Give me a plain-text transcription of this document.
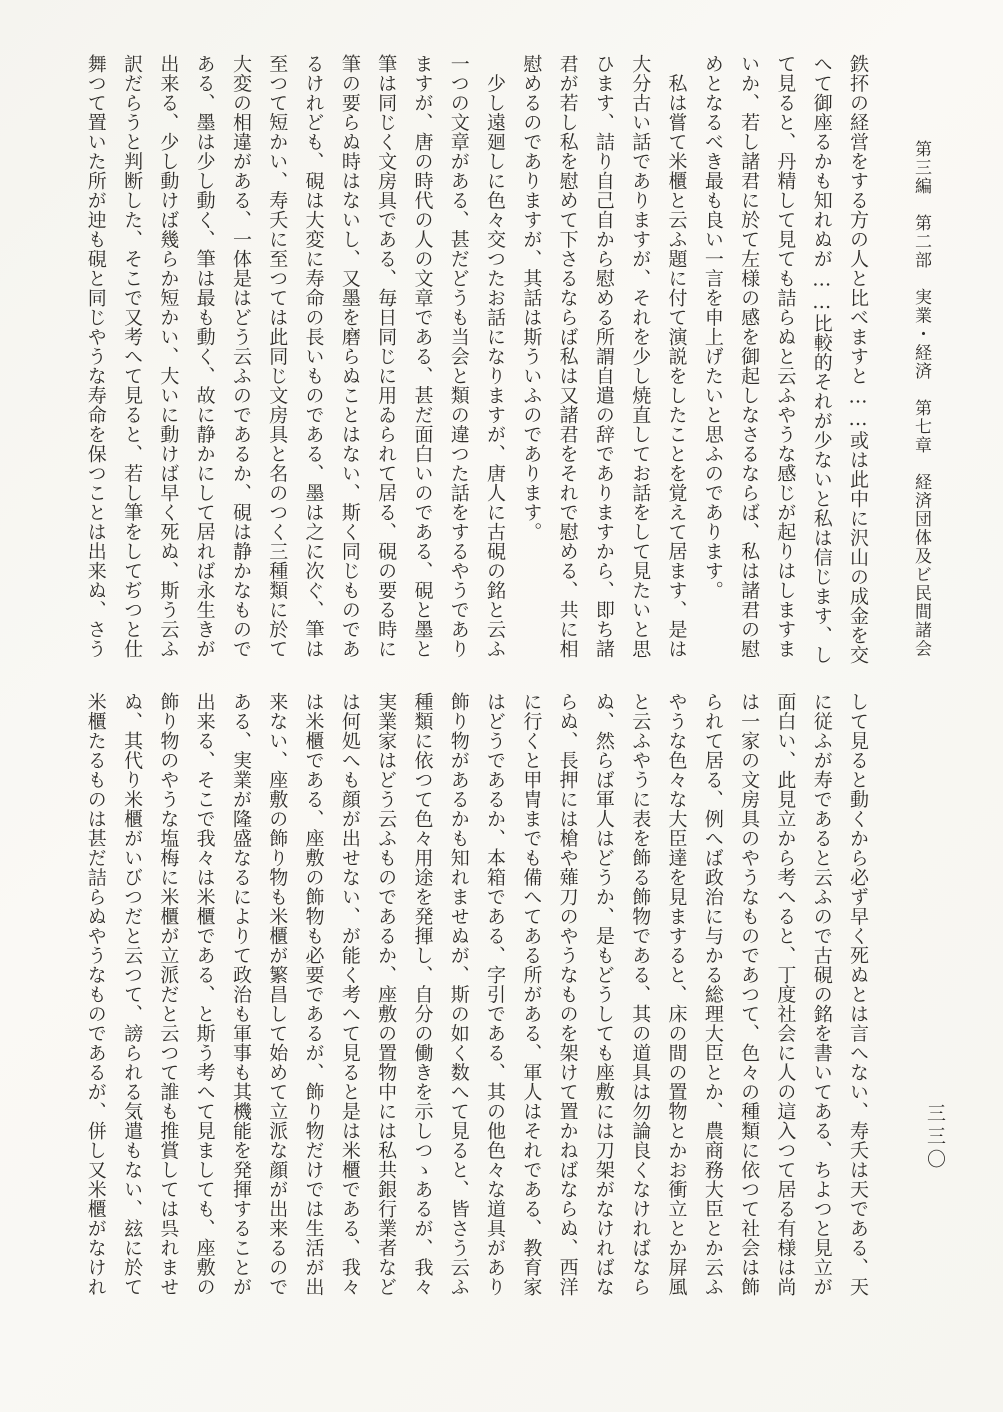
第三編　第二部　実業・経済　第七章　経済団体及ビ民間諸会
三三〇

鉄抔の経営をする方の人と比べますと……或は此中に沢山の成金を交

へて御座るかも知れぬが……比較的それが少ないと私は信じます、し

て見ると、丹精して見ても詰らぬと云ふやうな感じが起りはしますま

いか、若し諸君に於て左様の感を御起しなさるならば、私は諸君の慰

めとなるべき最も良い一言を申上げたいと思ふのであります。

　私は嘗て米櫃と云ふ題に付て演説をしたことを覚えて居ます、是は

大分古い話でありますが、それを少し焼直してお話をして見たいと思

ひます、詰り自己自から慰める所謂自遣の辞でありますから、即ち諸

君が若し私を慰めて下さるならば私は又諸君をそれで慰める、共に相

慰めるのでありますが、其話は斯ういふのであります。

　少し遠廻しに色々交つたお話になりますが、唐人に古硯の銘と云ふ

一つの文章がある、甚だどうも当会と類の違つた話をするやうであり

ますが、唐の時代の人の文章である、甚だ面白いのである、硯と墨と

筆は同じく文房具である、毎日同じに用ゐられて居る、硯の要る時に

筆の要らぬ時はないし、又墨を磨らぬことはない、斯く同じものであ

るけれども、硯は大変に寿命の長いものである、墨は之に次ぐ、筆は

至つて短かい、寿夭に至つては此同じ文房具と名のつく三種類に於て

大変の相違がある、一体是はどう云ふのであるか、硯は静かなもので

ある、墨は少し動く、筆は最も動く、故に静かにして居れば永生きが

出来る、少し動けば幾らか短かい、大いに動けば早く死ぬ、斯う云ふ

訳だらうと判断した、そこで又考へて見ると、若し筆をしてぢつと仕

舞つて置いた所が迚も硯と同じやうな寿命を保つことは出来ぬ、さう

して見ると動くから必ず早く死ぬとは言へない、寿夭は天である、天

に従ふが寿であると云ふので古硯の銘を書いてある、ちよつと見立が

面白い、此見立から考へると、丁度社会に人の這入つて居る有様は尚

は一家の文房具のやうなものであつて、色々の種類に依つて社会は飾

られて居る、例へば政治に与かる総理大臣とか、農商務大臣とか云ふ

やうな色々な大臣達を見ますると、床の間の置物とかお衝立とか屏風

と云ふやうに表を飾る飾物である、其の道具は勿論良くなければなら

ぬ、然らば軍人はどうか、是もどうしても座敷には刀架がなければな

らぬ、長押には槍や薙刀のやうなものを架けて置かねばならぬ、西洋

に行くと甲冑までも備へてある所がある、軍人はそれである、教育家

はどうであるか、本箱である、字引である、其の他色々な道具があり

飾り物があるかも知れませぬが、斯の如く数へて見ると、皆さう云ふ

種類に依つて色々用途を発揮し、自分の働きを示しつゝあるが、我々

実業家はどう云ふものであるか、座敷の置物中には私共銀行業者など

は何処へも顔が出せない、が能く考へて見ると是は米櫃である、我々

は米櫃である、座敷の飾物も必要であるが、飾り物だけでは生活が出

来ない、座敷の飾り物も米櫃が繁昌して始めて立派な顔が出来るので

ある、実業が隆盛なるによりて政治も軍事も其機能を発揮することが

出来る、そこで我々は米櫃である、と斯う考へて見ましても、座敷の

飾り物のやうな塩梅に米櫃が立派だと云つて誰も推賞しては呉れませ

ぬ、其代り米櫃がいびつだと云つて、謗られる気遣もない、玆に於て

米櫃たるものは甚だ詰らぬやうなものであるが、併し又米櫃がなけれ
